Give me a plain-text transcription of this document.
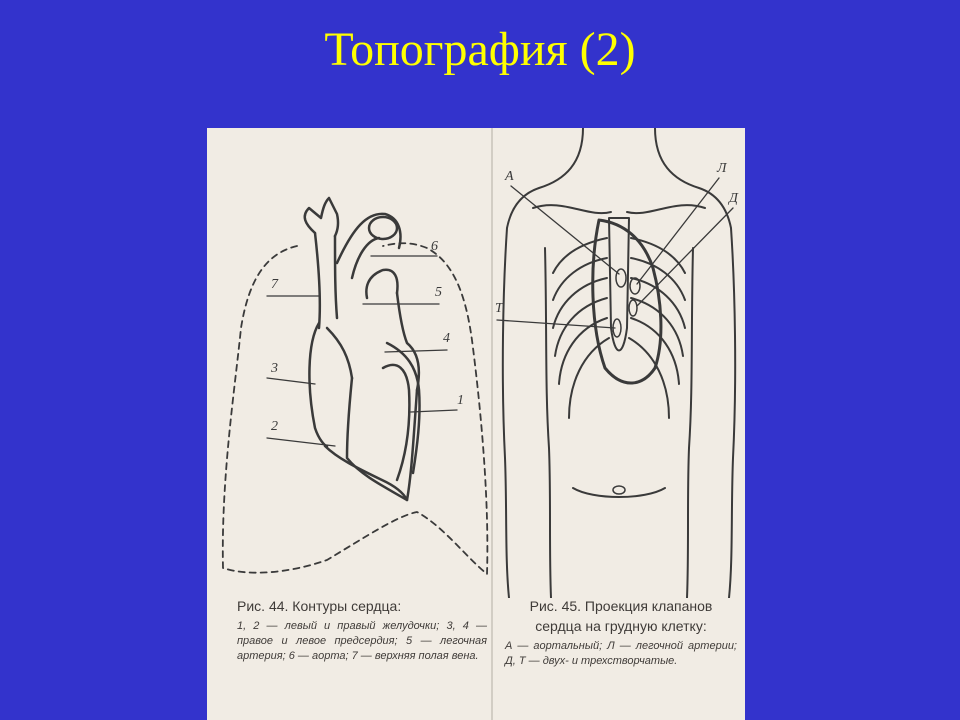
Топография (2)
6
5
7
4
3
1
2
А
Л
Д
Т
Рис. 44. Контуры сердца:
1, 2 — левый и правый желудочки; 3, 4 — правое и левое предсердия; 5 — легочная артерия; 6 — аорта; 7 — верхняя полая вена.
Рис. 45. Проекция клапанов сердца на грудную клетку:
А — аортальный; Л — легочной артерии; Д, Т — двух- и трехстворчатые.
